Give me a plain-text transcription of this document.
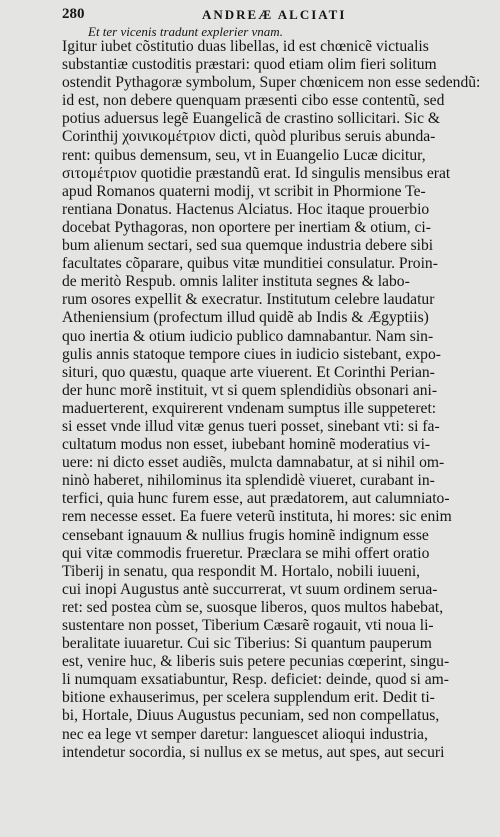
280	ANDREÆ ALCIATI
Et ter vicenis tradunt explerier vnam.
Igitur iubet cõstitutio duas libellas, id est chœnicẽ victualis
substantiæ custoditis præstari: quod etiam olim fieri solitum
ostendit Pythagoræ symbolum, Super chœnicem non esse sedendũ:
id est, non debere quenquam præsenti cibo esse contentũ, sed
potius aduersus legẽ Euangelicã de crastino sollicitari. Sic &
Corinthij χοινικομέτριον dicti, quòd pluribus seruis abunda-
rent: quibus demensum, seu, vt in Euangelio Lucæ dicitur,
σιτομέτριον quotidie præstandũ erat. Id singulis mensibus erat
apud Romanos quaterni modij, vt scribit in Phormione Te-
rentiana Donatus. Hactenus Alciatus. Hoc itaque prouerbio
docebat Pythagoras, non oportere per inertiam & otium, ci-
bum alienum sectari, sed sua quemque industria debere sibi
facultates cõparare, quibus vitæ munditiei consulatur. Proin-
de meritò Respub. omnis laliter instituta segnes & labo-
rum osores expellit & execratur. Institutum celebre laudatur
Atheniensium (profectum illud quidẽ ab Indis & Ægyptiis)
quo inertia & otium iudicio publico damnabantur. Nam sin-
gulis annis statoque tempore ciues in iudicio sistebant, expo-
situri, quo quæstu, quaque arte viuerent. Et Corinthi Perian-
der hunc morẽ instituit, vt si quem splendidiùs obsonari ani-
maduerterent, exquirerent vndenam sumptus ille suppeteret:
si esset vnde illud vitæ genus tueri posset, sinebant vti: si fa-
cultatum modus non esset, iubebant hominẽ moderatius vi-
uere: ni dicto esset audiẽs, mulcta damnabatur, at si nihil om-
ninò haberet, nihilominus ita splendidè viueret, curabant in-
terfici, quia hunc furem esse, aut prædatorem, aut calumniato-
rem necesse esset. Ea fuere veterũ instituta, hi mores: sic enim
censebant ignauum & nullius frugis hominẽ indignum esse
qui vitæ commodis frueretur. Præclara se mihi offert oratio
Tiberij in senatu, qua respondit M. Hortalo, nobili iuueni,
cui inopi Augustus antè succurrerat, vt suum ordinem serua-
ret: sed postea cùm se, suosque liberos, quos multos habebat,
sustentare non posset, Tiberium Cæsarẽ rogauit, vti noua li-
beralitate iuuaretur. Cui sic Tiberius: Si quantum pauperum
est, venire huc, & liberis suis petere pecunias cœperint, singu-
li numquam exsatiabuntur, Resp. deficiet: deinde, quod si am-
bitione exhauserimus, per scelera supplendum erit. Dedit ti-
bi, Hortale, Diuus Augustus pecuniam, sed non compellatus,
nec ea lege vt semper daretur: languescet alioqui industria,
intendetur socordia, si nullus ex se metus, aut spes, aut securi
